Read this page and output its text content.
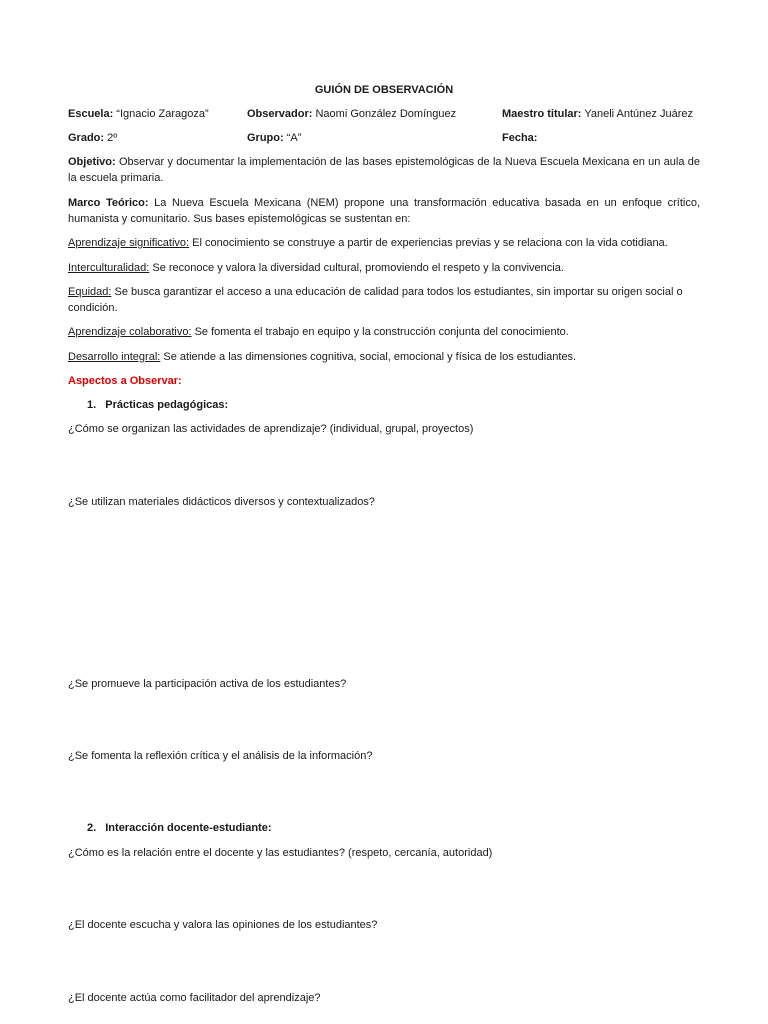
GUIÓN DE OBSERVACIÓN
Escuela: “Ignacio Zaragoza”	Observador: Naomi González Domínguez	Maestro titular: Yaneli Antúnez Juárez
Grado: 2º	Grupo: “A”	Fecha:
Objetivo: Observar y documentar la implementación de las bases epistemológicas de la Nueva Escuela Mexicana en un aula de la escuela primaria.
Marco Teórico: La Nueva Escuela Mexicana (NEM) propone una transformación educativa basada en un enfoque crítico, humanista y comunitario. Sus bases epistemológicas se sustentan en:
Aprendizaje significativo: El conocimiento se construye a partir de experiencias previas y se relaciona con la vida cotidiana.
Interculturalidad: Se reconoce y valora la diversidad cultural, promoviendo el respeto y la convivencia.
Equidad: Se busca garantizar el acceso a una educación de calidad para todos los estudiantes, sin importar su origen social o condición.
Aprendizaje colaborativo: Se fomenta el trabajo en equipo y la construcción conjunta del conocimiento.
Desarrollo integral: Se atiende a las dimensiones cognitiva, social, emocional y física de los estudiantes.
Aspectos a Observar:
1. Prácticas pedagógicas:
¿Cómo se organizan las actividades de aprendizaje? (individual, grupal, proyectos)
¿Se utilizan materiales didácticos diversos y contextualizados?
¿Se promueve la participación activa de los estudiantes?
¿Se fomenta la reflexión crítica y el análisis de la información?
2. Interacción docente-estudiante:
¿Cómo es la relación entre el docente y las estudiantes? (respeto, cercanía, autoridad)
¿El docente escucha y valora las opiniones de los estudiantes?
¿El docente actúa como facilitador del aprendizaje?
